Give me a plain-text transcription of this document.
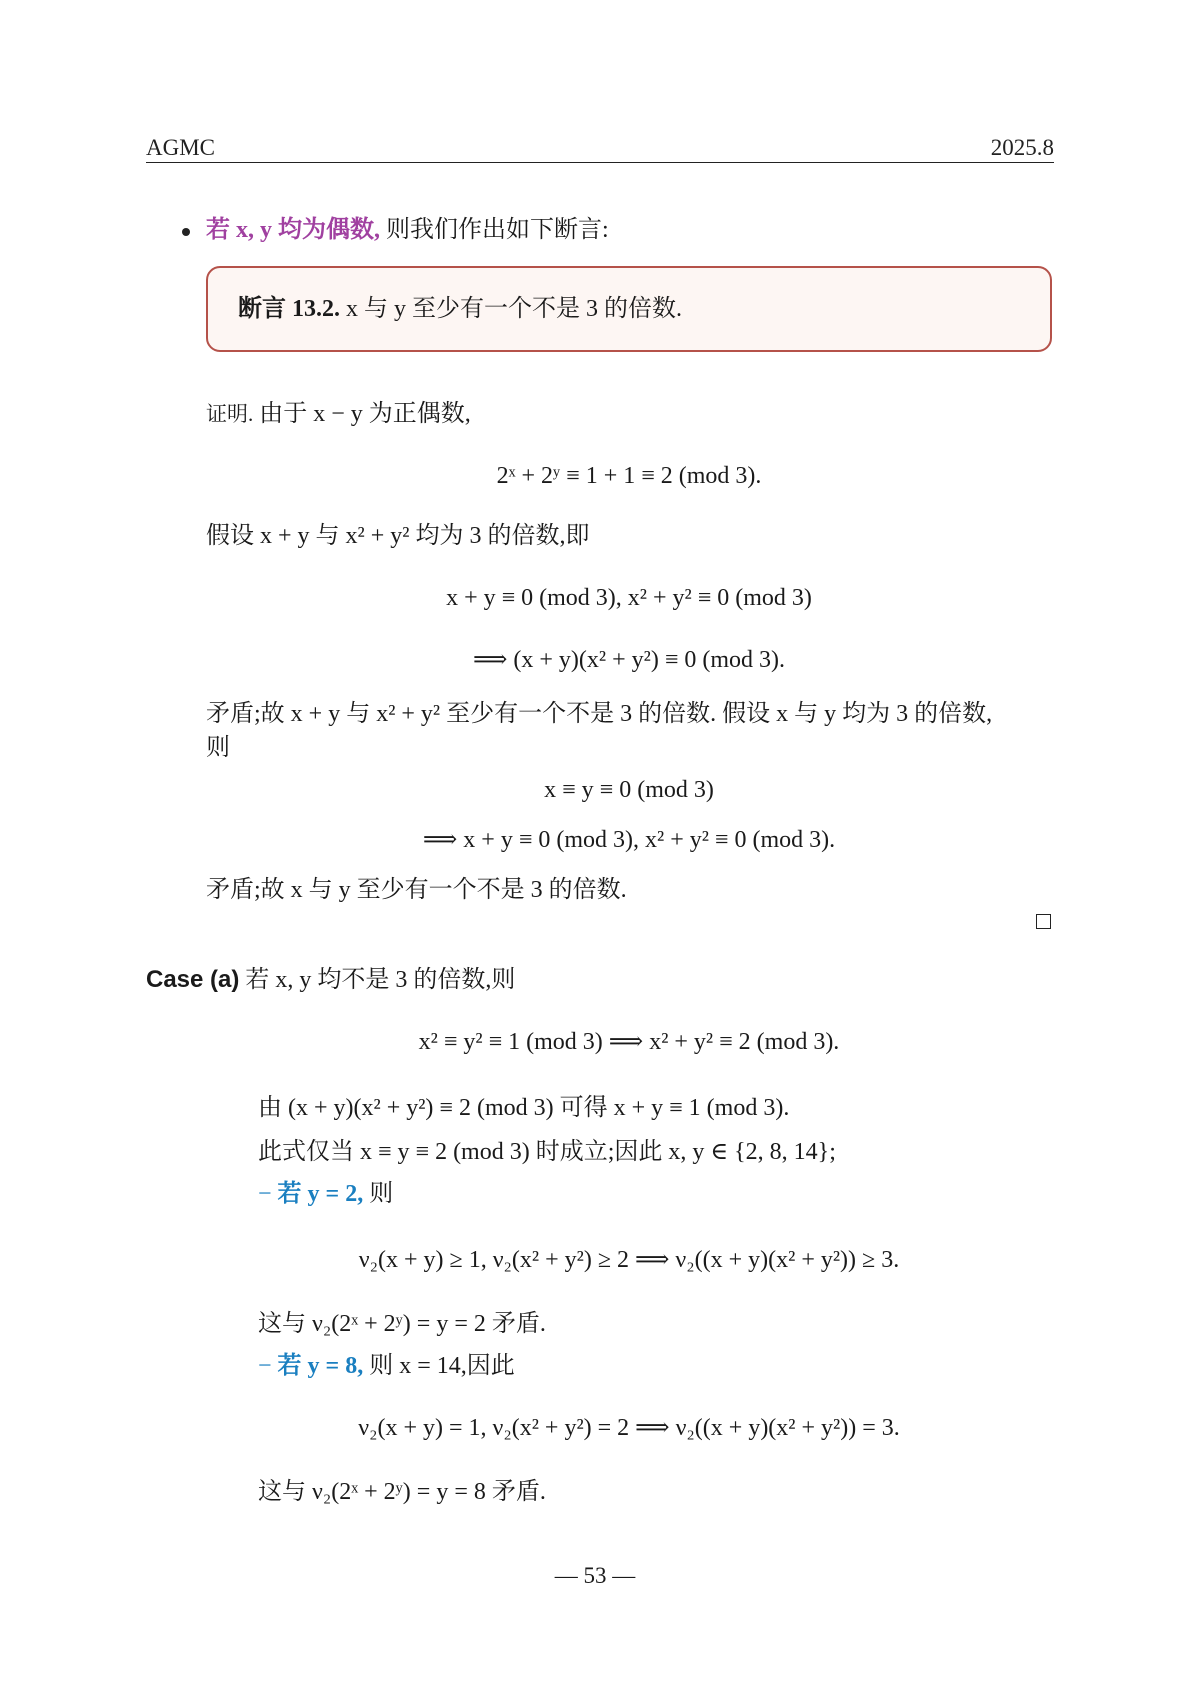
AGMC	2025.8
若 x, y 均为偶数, 则我们作出如下断言:
断言 13.2. x 与 y 至少有一个不是 3 的倍数.
证明. 由于 x − y 为正偶数,
2ˣ + 2ʸ ≡ 1 + 1 ≡ 2 (mod 3).
假设 x + y 与 x² + y² 均为 3 的倍数,即
x + y ≡ 0 (mod 3), x² + y² ≡ 0 (mod 3)
⟹ (x + y)(x² + y²) ≡ 0 (mod 3).
矛盾;故 x + y 与 x² + y² 至少有一个不是 3 的倍数. 假设 x 与 y 均为 3 的倍数,
则
x ≡ y ≡ 0 (mod 3)
⟹ x + y ≡ 0 (mod 3), x² + y² ≡ 0 (mod 3).
矛盾;故 x 与 y 至少有一个不是 3 的倍数.
Case (a) 若 x, y 均不是 3 的倍数,则
x² ≡ y² ≡ 1 (mod 3) ⟹ x² + y² ≡ 2 (mod 3).
由 (x + y)(x² + y²) ≡ 2 (mod 3) 可得 x + y ≡ 1 (mod 3).
此式仅当 x ≡ y ≡ 2 (mod 3) 时成立;因此 x, y ∈ {2, 8, 14};
− 若 y = 2, 则
ν₂(x + y) ≥ 1, ν₂(x² + y²) ≥ 2 ⟹ ν₂((x + y)(x² + y²)) ≥ 3.
这与 ν₂(2ˣ + 2ʸ) = y = 2 矛盾.
− 若 y = 8, 则 x = 14,因此
ν₂(x + y) = 1, ν₂(x² + y²) = 2 ⟹ ν₂((x + y)(x² + y²)) = 3.
这与 ν₂(2ˣ + 2ʸ) = y = 8 矛盾.
— 53 —
